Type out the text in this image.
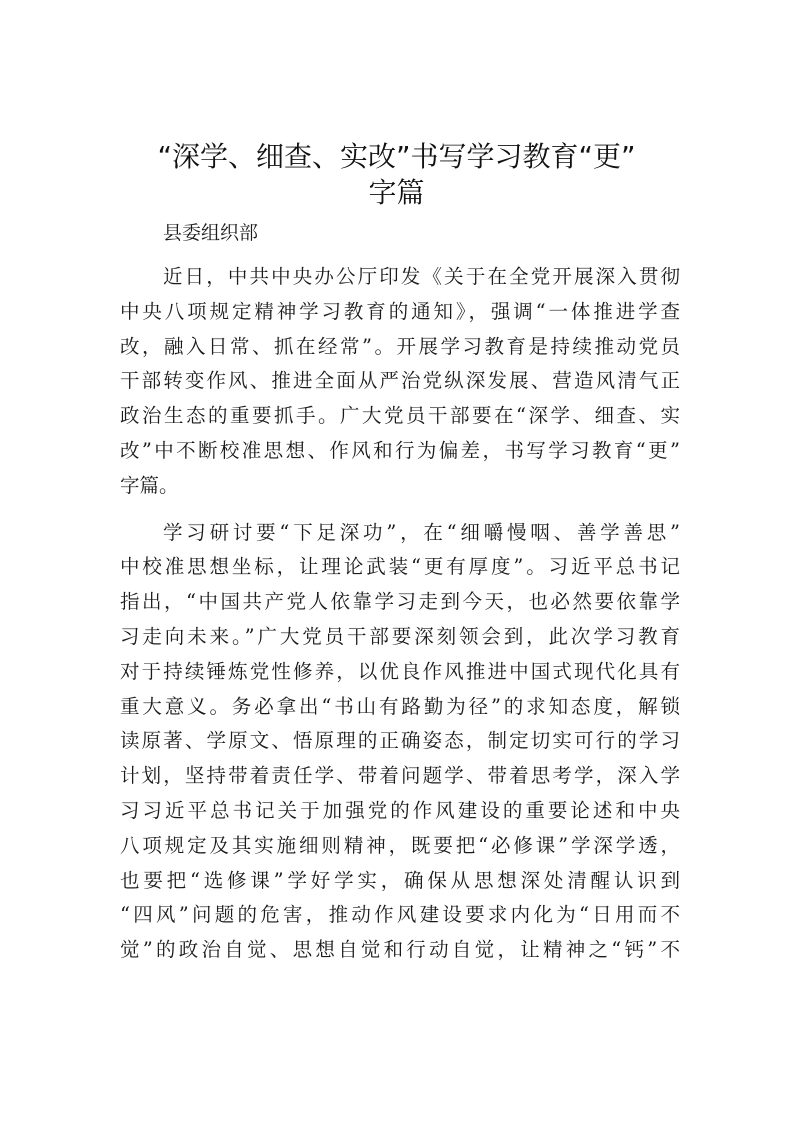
“深学、细查、实改”书写学习教育“更”
字篇

县委组织部

近日，中共中央办公厅印发《关于在全党开展深入贯彻
中央八项规定精神学习教育的通知》，强调“一体推进学查
改，融入日常、抓在经常”。开展学习教育是持续推动党员
干部转变作风、推进全面从严治党纵深发展、营造风清气正
政治生态的重要抓手。广大党员干部要在“深学、细查、实
改”中不断校准思想、作风和行为偏差，书写学习教育“更”
字篇。
学习研讨要“下足深功”，在“细嚼慢咽、善学善思”
中校准思想坐标，让理论武装“更有厚度”。习近平总书记
指出，“中国共产党人依靠学习走到今天，也必然要依靠学
习走向未来。”广大党员干部要深刻领会到，此次学习教育
对于持续锤炼党性修养，以优良作风推进中国式现代化具有
重大意义。务必拿出“书山有路勤为径”的求知态度，解锁
读原著、学原文、悟原理的正确姿态，制定切实可行的学习
计划，坚持带着责任学、带着问题学、带着思考学，深入学
习习近平总书记关于加强党的作风建设的重要论述和中央
八项规定及其实施细则精神，既要把“必修课”学深学透，
也要把“选修课”学好学实，确保从思想深处清醒认识到
“四风”问题的危害，推动作风建设要求内化为“日用而不
觉”的政治自觉、思想自觉和行动自觉，让精神之“钙”不
